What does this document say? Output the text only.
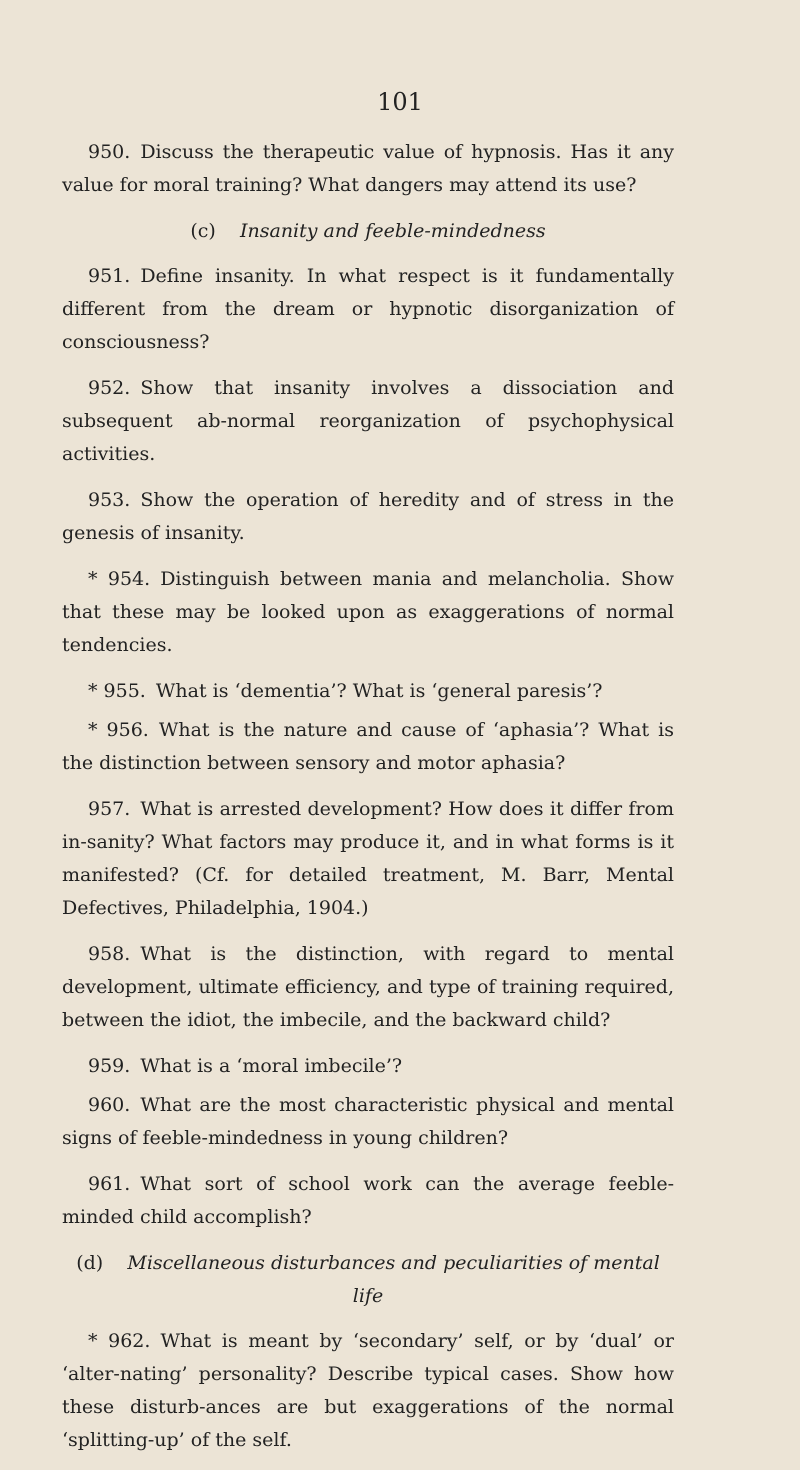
101

950. Discuss the therapeutic value of hypnosis. Has it any value for moral training? What dangers may attend its use?

(c) Insanity and feeble-mindedness

951. Define insanity. In what respect is it fundamentally different from the dream or hypnotic disorganization of consciousness?

952. Show that insanity involves a dissociation and subsequent ab-normal reorganization of psychophysical activities.

953. Show the operation of heredity and of stress in the genesis of insanity.

* 954. Distinguish between mania and melancholia. Show that these may be looked upon as exaggerations of normal tendencies.

* 955. What is ‘dementia’? What is ‘general paresis’?

* 956. What is the nature and cause of ‘aphasia’? What is the distinction between sensory and motor aphasia?

957. What is arrested development? How does it differ from in-sanity? What factors may produce it, and in what forms is it manifested? (Cf. for detailed treatment, M. Barr, Mental Defectives, Philadelphia, 1904.)

958. What is the distinction, with regard to mental development, ultimate efficiency, and type of training required, between the idiot, the imbecile, and the backward child?

959. What is a ‘moral imbecile’?

960. What are the most characteristic physical and mental signs of feeble-mindedness in young children?

961. What sort of school work can the average feeble-minded child accomplish?

(d) Miscellaneous disturbances and peculiarities of mental life

* 962. What is meant by ‘secondary’ self, or by ‘dual’ or ‘alter-nating’ personality? Describe typical cases. Show how these disturb-ances are but exaggerations of the normal ‘splitting-up’ of the self.
